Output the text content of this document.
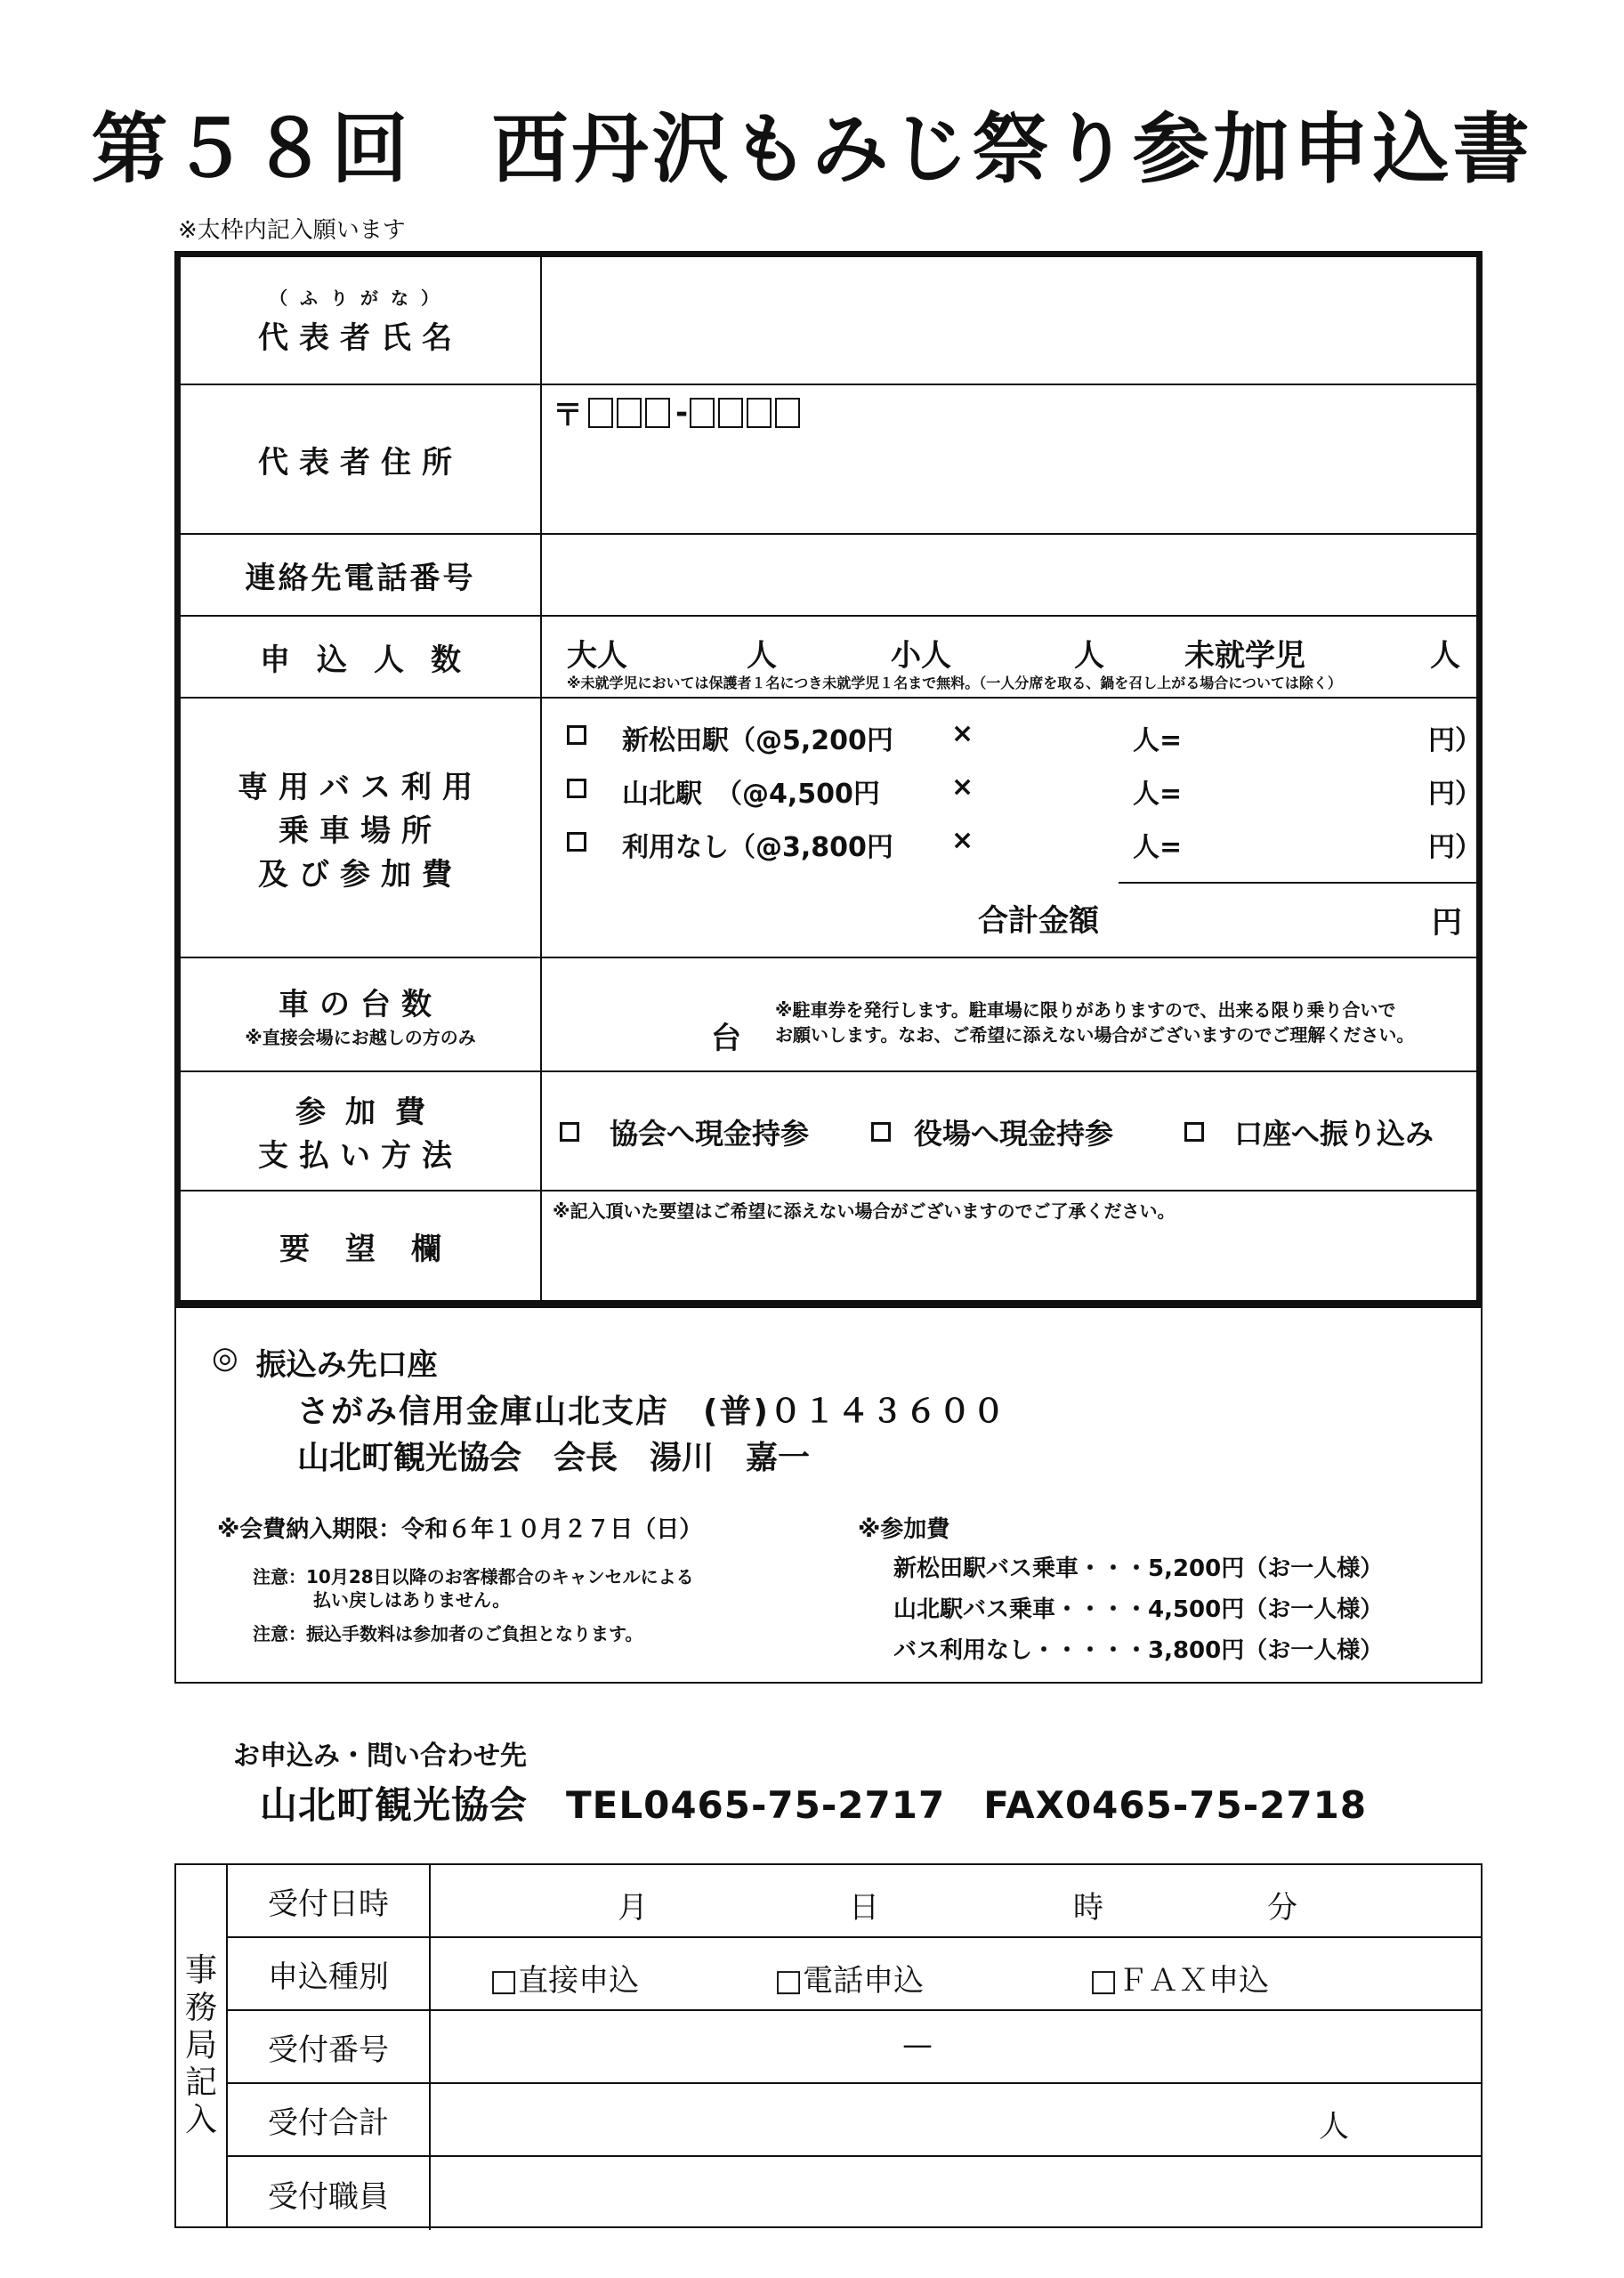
第５８回　西丹沢もみじ祭り参加申込書
※太枠内記入願います
（ふりがな）
代表者氏名
代表者住所
〒	-
連絡先電話番号
申込人数	大人	人	小人	人	未就学児	人
※未就学児においては保護者１名につき未就学児１名まで無料。（一人分席を取る、鍋を召し上がる場合については除く）
専用バス利用
乗車場所
及び参加費
新松田駅（@5,200円 ×	人=	円）
山北駅　（@4,500円	×	人=	円）
利用なし（@3,800円 ×	人=	円）
合計金額	円
車の台数
※直接会場にお越しの方のみ	台
※駐車券を発行します。駐車場に限りがありますので、出来る限り乗り合いで
お願いします。なお、ご希望に添えない場合がございますのでご理解ください。
参加費
支払い方法
協会へ現金持参	役場へ現金持参	口座へ振り込み
要望欄
※記入頂いた要望はご希望に添えない場合がございますのでご了承ください。
◎ 振込み先口座
さがみ信用金庫山北支店　(普)０１４３６００
山北町観光協会　会長　湯川　嘉一
※会費納入期限：令和６年１０月２７日（日）
注意：10月28日以降のお客様都合のキャンセルによる
払い戻しはありません。
注意：振込手数料は参加者のご負担となります。
※参加費
新松田駅バス乗車・・・5,200円（お一人様）
山北駅バス乗車・・・・4,500円（お一人様）
バス利用なし・・・・・3,800円（お一人様）
お申込み・問い合わせ先
山北町観光協会　TEL0465-75-2717　FAX0465-75-2718
事
務
局
記
入
受付日時	月	日	時	分
申込種別	□直接申込	□電話申込	□ＦＡＸ申込
受付番号	—
受付合計	人
受付職員
